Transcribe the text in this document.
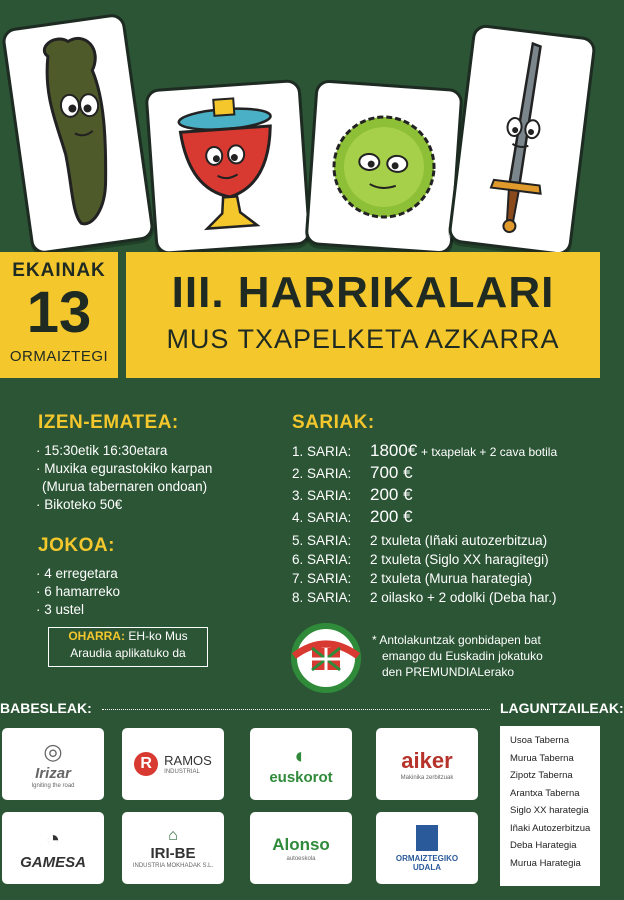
EKAINAK
13
ORMAIZTEGI
III. HARRIKALARI
MUS TXAPELKETA AZKARRA
IZEN-EMATEA:
· 15:30etik 16:30etara
· Muxika egurastokiko karpan
(Murua tabernaren ondoan)
· Bikoteko 50€
JOKOA:
· 4 erregetara
· 6 hamarreko
· 3 ustel
OHARRA: EH-ko Mus
Araudia aplikatuko da
SARIAK:
1. SARIA: 1800€ + txapelak + 2 cava botila
2. SARIA: 700 €
3. SARIA: 200 €
4. SARIA: 200 €
5. SARIA: 2 txuleta (Iñaki autozerbitzua)
6. SARIA: 2 txuleta (Siglo XX haragitegi)
7. SARIA: 2 txuleta (Murua harategia)
8. SARIA: 2 oilasko + 2 odolki (Deba har.)
* Antolakuntzak gonbidapen bat
emango du Euskadin jokatuko
den PREMUNDIALerako
BABESLEAK:	LAGUNTZAILEAK:
◎
Irizar
Igniting the road
R RAMOS
INDUSTRIAL
◐
euskorot
aiker
Makinika zerbitzuak
◔
GAMESA
⌂
IRI-BE
INDUSTRIA MOKHADAK S.L.
Alonso
autoeskola	ORMAIZTEGIKO UDALA
Usoa Taberna
Murua Taberna
Zipotz Taberna
Arantxa Taberna
Siglo XX harategia
Iñaki Autozerbitzua
Deba Harategia
Murua Harategia
